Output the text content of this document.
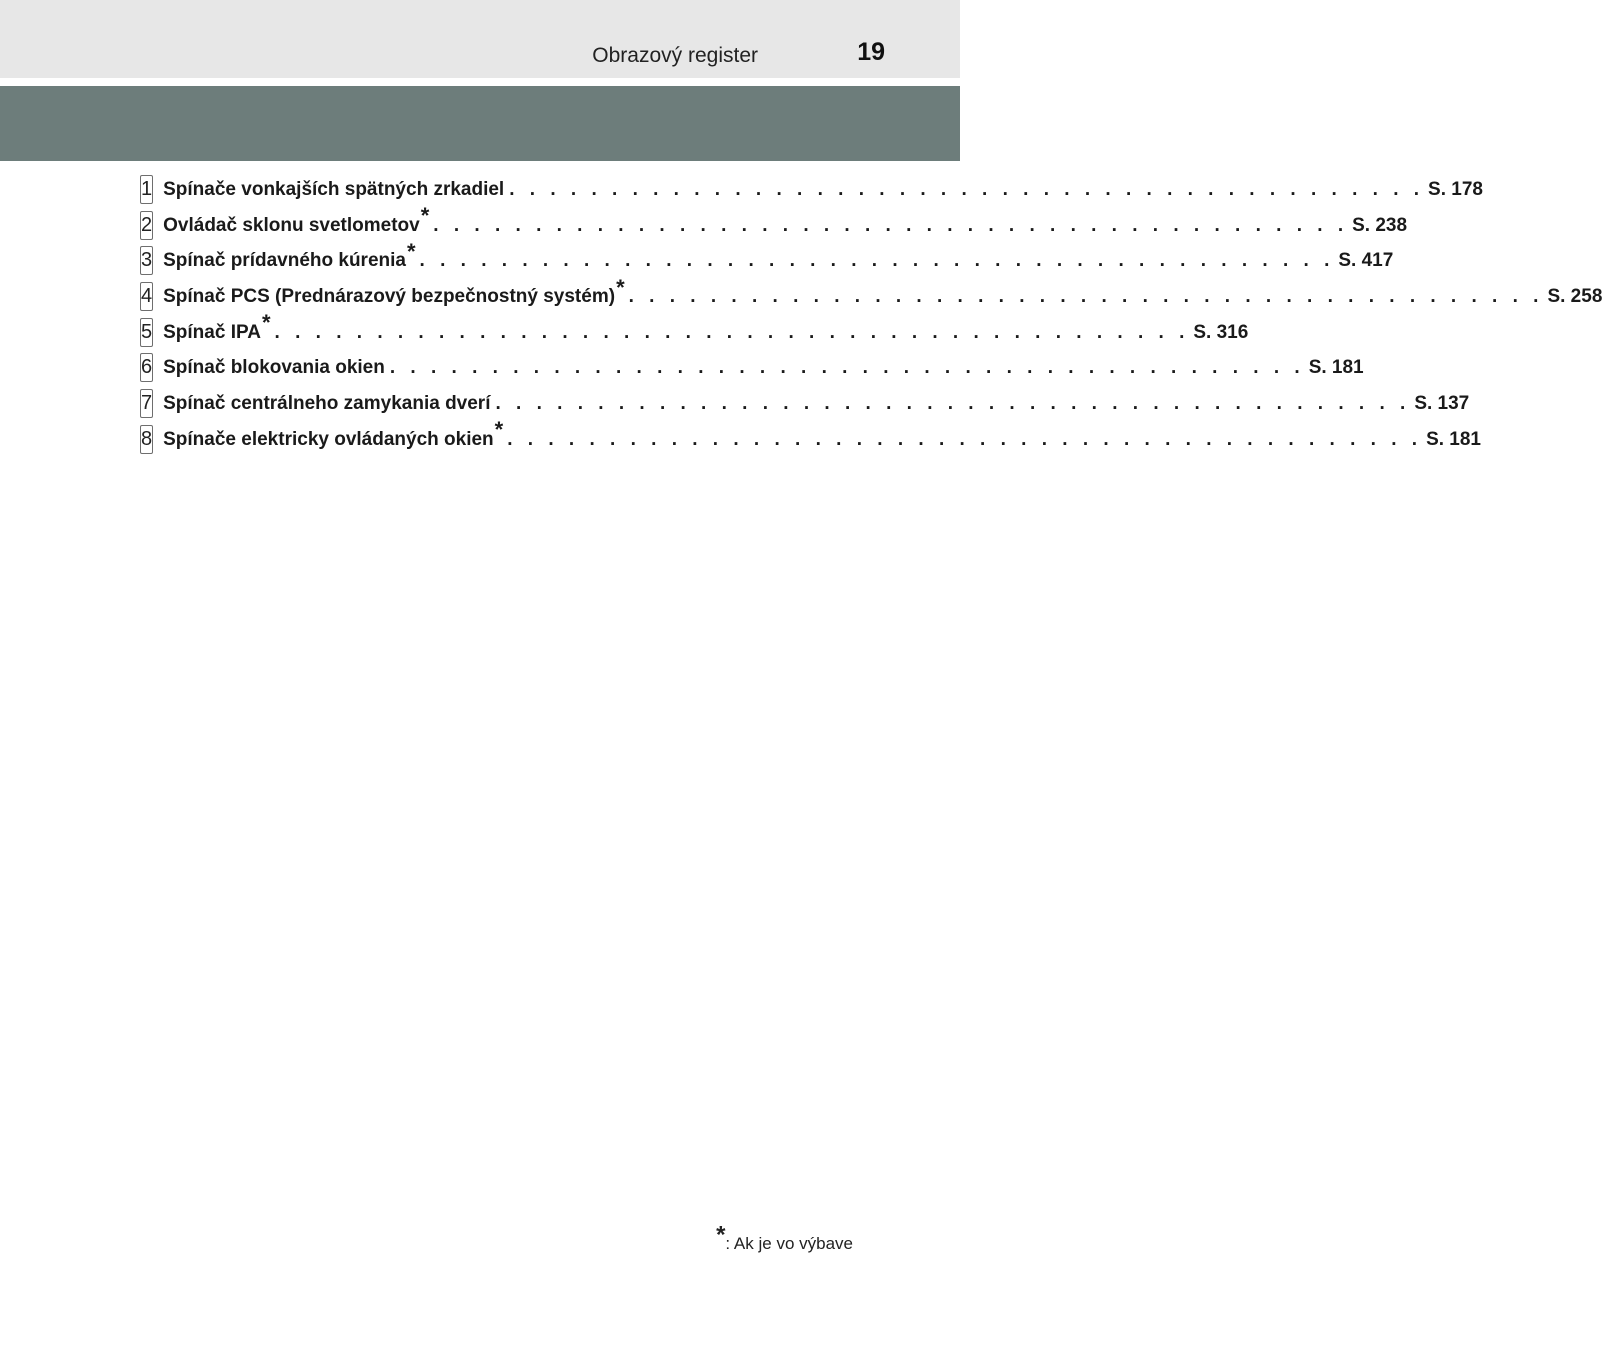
Obrazový register	19
1 Spínače vonkajších spätných zrkadiel . . . . . . . . . . . . . . . . . . . . . . . . . . . . . . . . . . . . . . . . . . . . . S. 178
2 Ovládač sklonu svetlometov* . . . . . . . . . . . . . . . . . . . . . . . . . . . . . . . . . . . . . . . . . . . . . S. 238
3 Spínač prídavného kúrenia* . . . . . . . . . . . . . . . . . . . . . . . . . . . . . . . . . . . . . . . . . . . . . S. 417
4 Spínač PCS (Prednárazový bezpečnostný systém)* . . . . . . . . . . . . . . . . . . . . . . . . . . . . . . . . . . . . . . . . . . . . . S. 258
5 Spínač IPA* . . . . . . . . . . . . . . . . . . . . . . . . . . . . . . . . . . . . . . . . . . . . . S. 316
6 Spínač blokovania okien . . . . . . . . . . . . . . . . . . . . . . . . . . . . . . . . . . . . . . . . . . . . . S. 181
7 Spínač centrálneho zamykania dverí . . . . . . . . . . . . . . . . . . . . . . . . . . . . . . . . . . . . . . . . . . . . . S. 137
8 Spínače elektricky ovládaných okien* . . . . . . . . . . . . . . . . . . . . . . . . . . . . . . . . . . . . . . . . . . . . . S. 181
*: Ak je vo výbave
